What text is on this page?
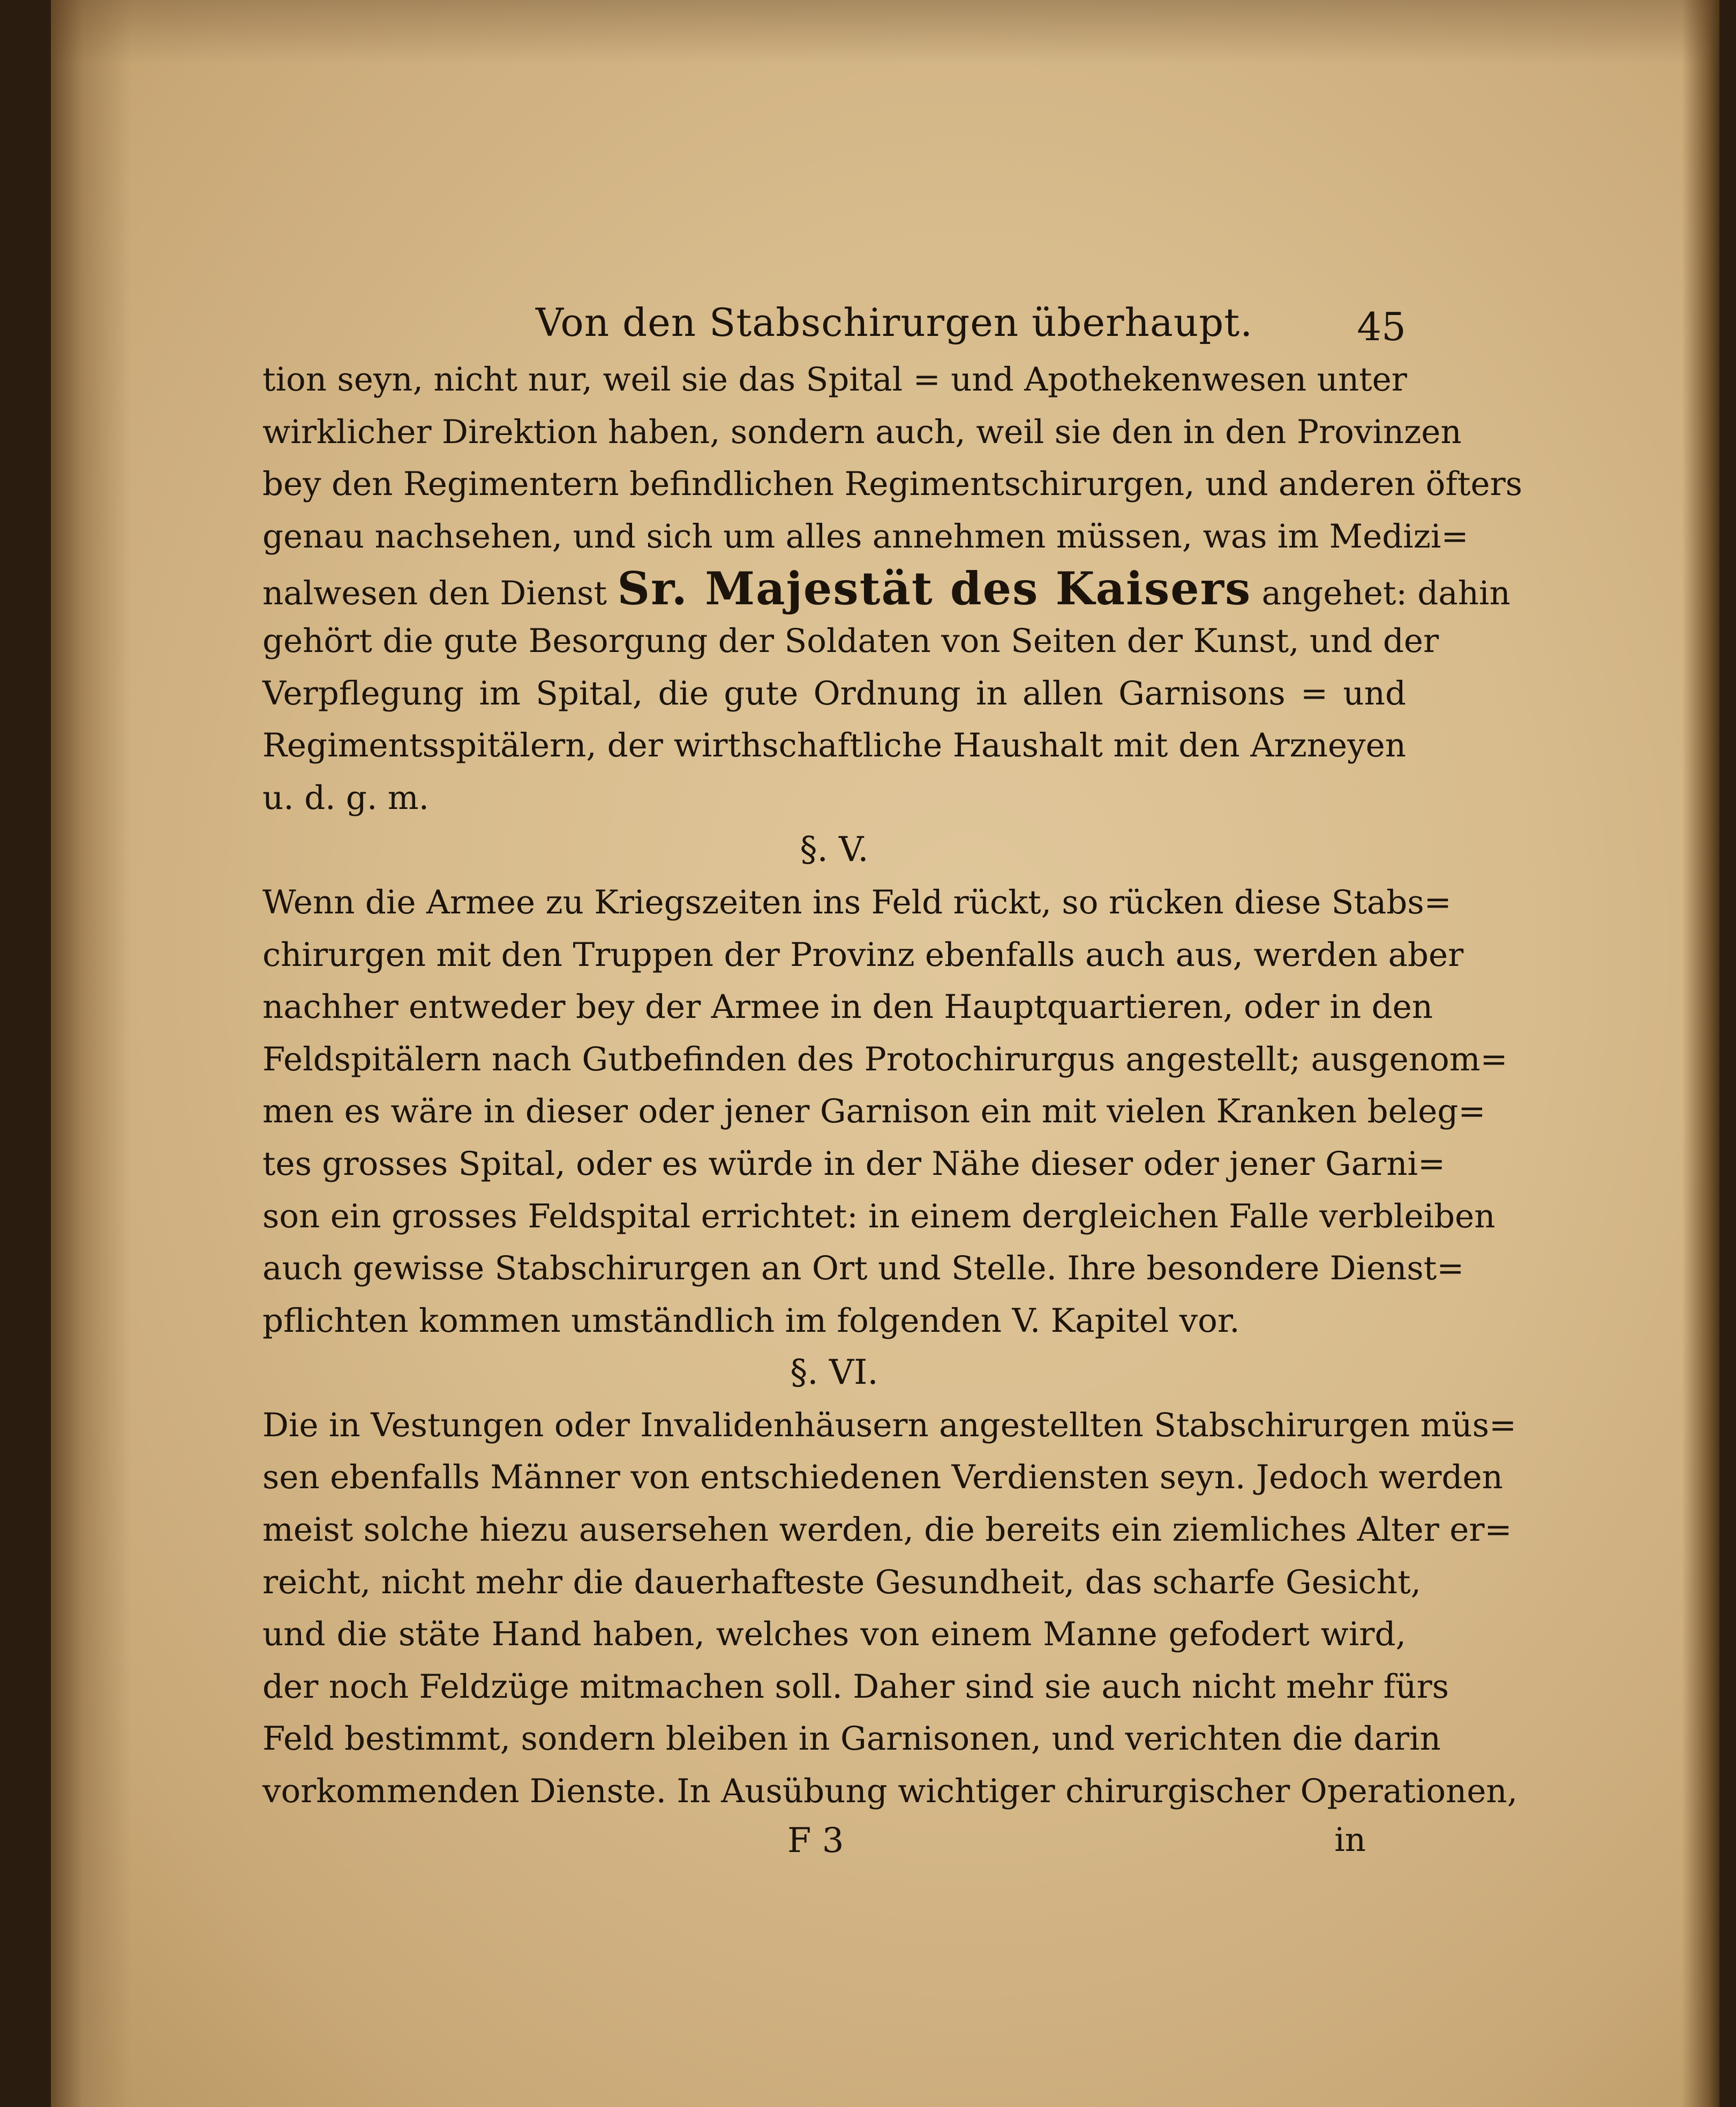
Von den Stabschirurgen überhaupt.	45
tion seyn, nicht nur, weil sie das Spital = und Apothekenwesen unter
wirklicher Direktion haben, sondern auch, weil sie den in den Provinzen
bey den Regimentern befindlichen Regimentschirurgen, und anderen öfters
genau nachsehen, und sich um alles annehmen müssen, was im Medizi=
nalwesen den Dienst Sr. Majestät des Kaisers angehet: dahin
gehört die gute Besorgung der Soldaten von Seiten der Kunst, und der
Verpflegung im Spital, die gute Ordnung in allen Garnisons = und
Regimentsspitälern, der wirthschaftliche Haushalt mit den Arzneyen
u. d. g. m.
§. V.
Wenn die Armee zu Kriegszeiten ins Feld rückt, so rücken diese Stabs=
chirurgen mit den Truppen der Provinz ebenfalls auch aus, werden aber
nachher entweder bey der Armee in den Hauptquartieren, oder in den
Feldspitälern nach Gutbefinden des Protochirurgus angestellt; ausgenom=
men es wäre in dieser oder jener Garnison ein mit vielen Kranken beleg=
tes grosses Spital, oder es würde in der Nähe dieser oder jener Garni=
son ein grosses Feldspital errichtet: in einem dergleichen Falle verbleiben
auch gewisse Stabschirurgen an Ort und Stelle. Ihre besondere Dienst=
pflichten kommen umständlich im folgenden V. Kapitel vor.
§. VI.
Die in Vestungen oder Invalidenhäusern angestellten Stabschirurgen müs=
sen ebenfalls Männer von entschiedenen Verdiensten seyn. Jedoch werden
meist solche hiezu ausersehen werden, die bereits ein ziemliches Alter er=
reicht, nicht mehr die dauerhafteste Gesundheit, das scharfe Gesicht,
und die stäte Hand haben, welches von einem Manne gefodert wird,
der noch Feldzüge mitmachen soll. Daher sind sie auch nicht mehr fürs
Feld bestimmt, sondern bleiben in Garnisonen, und verichten die darin
vorkommenden Dienste. In Ausübung wichtiger chirurgischer Operationen,
F 3	in
